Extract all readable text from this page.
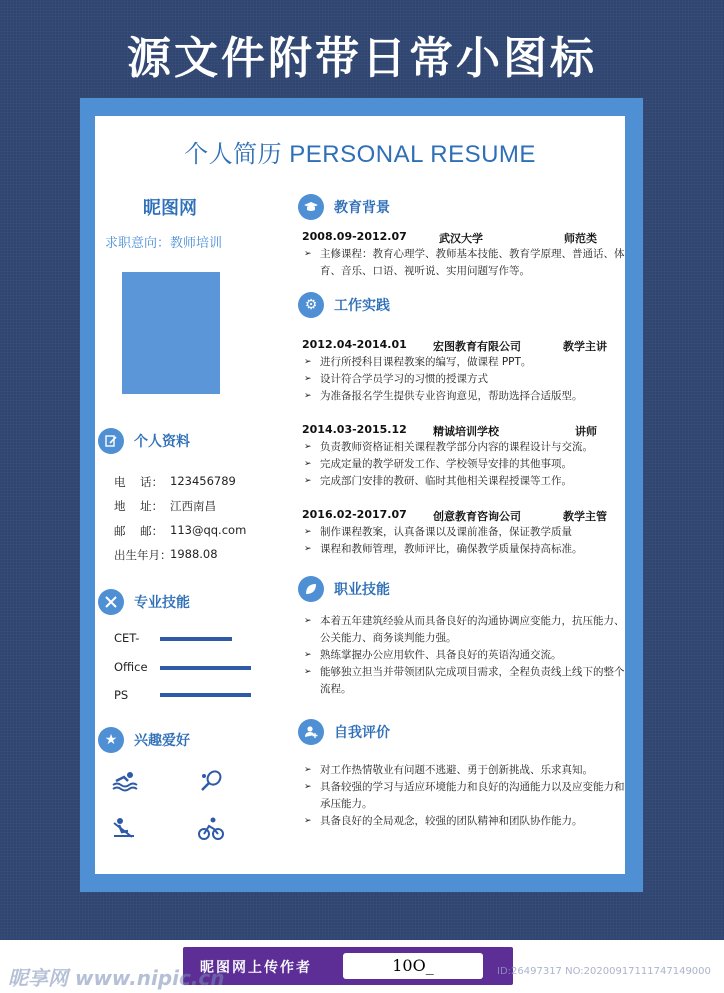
源文件附带日常小图标
个人简历 PERSONAL RESUME
昵图网
求职意向：教师培训
个人资料
电    话： 123456789
地    址： 江西南昌
邮    邮： 113@qq.com
出生年月：
1988.08
专业技能
CET-
Office
PS
★	兴趣爱好
教育背景
2008.09-2012.07	武汉大学	师范类
➢ 主修课程：教育心理学、教师基本技能、教育学原理、普通话、体育、音乐、口语、视听说、实用问题写作等。
⚙	工作实践
2012.04-2014.01 宏图教育有限公司	教学主讲
➢ 进行所授科目课程教案的编写，做课程 PPT。
➢ 设计符合学员学习的习惯的授课方式
➢ 为准备报名学生提供专业咨询意见，帮助选择合适版型。
2014.03-2015.12 精诚培训学校	讲师
➢ 负责教师资格证相关课程教学部分内容的课程设计与交流。
➢ 完成定量的教学研发工作、学校领导安排的其他事项。
➢ 完成部门安排的教研、临时其他相关课程授课等工作。
2016.02-2017.07 创意教育咨询公司	教学主管
➢ 制作课程教案，认真备课以及课前准备，保证教学质量
➢ 课程和教师管理，教师评比，确保教学质量保持高标准。
职业技能
➢ 本着五年建筑经验从而具备良好的沟通协调应变能力，抗压能力、公关能力、商务谈判能力强。
➢ 熟练掌握办公应用软件、具备良好的英语沟通交流。
➢ 能够独立担当并带领团队完成项目需求，全程负责线上线下的整个流程。
自我评价
➢ 对工作热情敬业有问题不逃避、勇于创新挑战、乐求真知。
➢ 具备较强的学习与适应环境能力和良好的沟通能力以及应变能力和承压能力。
➢ 具备良好的全局观念，较强的团队精神和团队协作能力。
昵图网上传作者	10O_
昵享网 www.nipic.cn	ID:26497317 NO:20200917111747149000
